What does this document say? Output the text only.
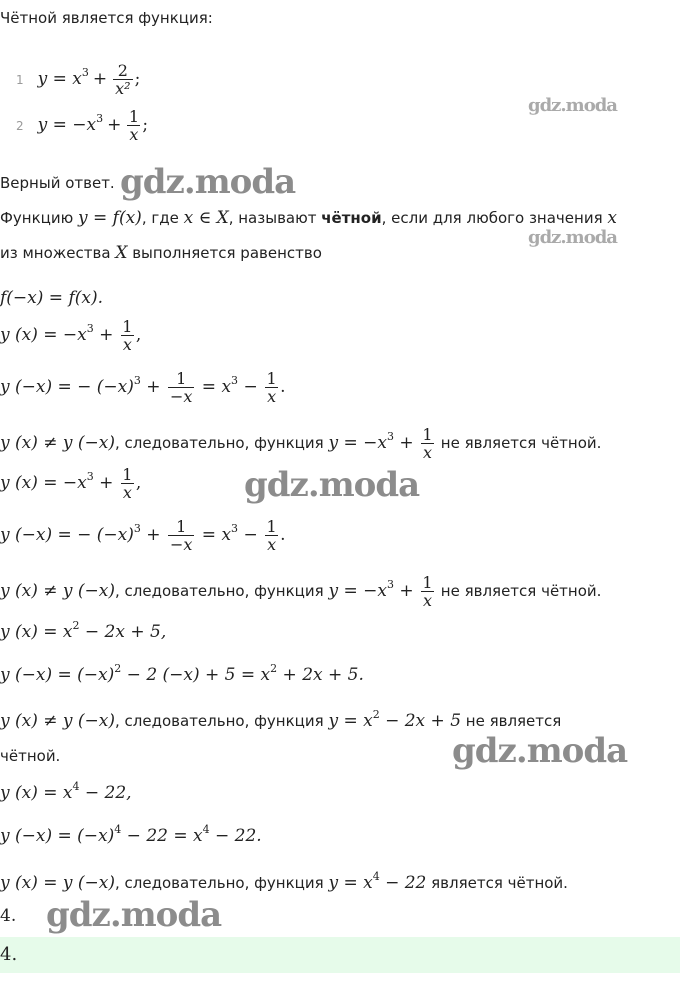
Чётной является функция:
1 $y = x^3 + \frac{2}{\text{x²}}$ ;
2 $y = -x^3 + \frac{1}{x}$ ;
gdz.moda
Верный ответ. gdz.moda
Функцию y = f(x), где x ∈ X, называют чётной, если для любого значения x
gdz.moda
из множества X выполняется равенство
f(−x) = f(x).
y $(x) = -x^3 + \frac{1}{x}$ ,
y (−x) = − $(-x)^3 + \frac{1}{-x} = x^3 - \frac{1}{x}$ .
y (x) ≠ y (−x), следовательно, функция $y = -x^3 + \frac{1}{x}$ не является чётной.
y $(x) = -x^3 + \frac{1}{x}$ ,	gdz.moda
y (−x) = − $(-x)^3 + \frac{1}{-x} = x^3 - \frac{1}{x}$ .
y (x) ≠ y (−x), следовательно, функция $y = -x^3 + \frac{1}{x}$ не является чётной.
y $(x) = x^2 - 2x + 5$,
y $(-x) = (-x)^2 - 2$ $(-x) + 5 = x^2 + 2x + 5$.
y (x) ≠ y (−x), следовательно, функция $y = x^2 - 2x + 5$ не является
чётной.	gdz.moda
y $(x) = x^4 - 22$,
y $(-x) = (-x)^4 - 22 = x^4 - 22$.
y (x) = y (−x), следовательно, функция $y = x^4 - 22$ является чётной.
4. gdz.moda
4.
